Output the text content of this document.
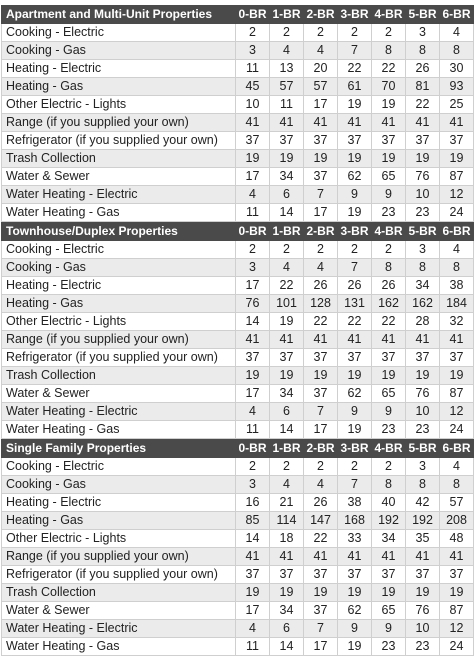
Apartment and Multi-Unit Properties	0-BR	1-BR	2-BR	3-BR	4-BR	5-BR	6-BR
Cooking - Electric	2	2	2	2	2	3	4
Cooking - Gas	3	4	4	7	8	8	8
Heating - Electric	11	13	20	22	22	26	30
Heating - Gas	45	57	57	61	70	81	93
Other Electric - Lights	10	11	17	19	19	22	25
Range (if you supplied your own)	41	41	41	41	41	41	41
Refrigerator (if you supplied your own)	37	37	37	37	37	37	37
Trash Collection	19	19	19	19	19	19	19
Water & Sewer	17	34	37	62	65	76	87
Water Heating - Electric	4	6	7	9	9	10	12
Water Heating - Gas	11	14	17	19	23	23	24
Townhouse/Duplex Properties	0-BR	1-BR	2-BR	3-BR	4-BR	5-BR	6-BR
Cooking - Electric	2	2	2	2	2	3	4
Cooking - Gas	3	4	4	7	8	8	8
Heating - Electric	17	22	26	26	26	34	38
Heating - Gas	76	101	128	131	162	162	184
Other Electric - Lights	14	19	22	22	22	28	32
Range (if you supplied your own)	41	41	41	41	41	41	41
Refrigerator (if you supplied your own)	37	37	37	37	37	37	37
Trash Collection	19	19	19	19	19	19	19
Water & Sewer	17	34	37	62	65	76	87
Water Heating - Electric	4	6	7	9	9	10	12
Water Heating - Gas	11	14	17	19	23	23	24
Single Family Properties	0-BR	1-BR	2-BR	3-BR	4-BR	5-BR	6-BR
Cooking - Electric	2	2	2	2	2	3	4
Cooking - Gas	3	4	4	7	8	8	8
Heating - Electric	16	21	26	38	40	42	57
Heating - Gas	85	114	147	168	192	192	208
Other Electric - Lights	14	18	22	33	34	35	48
Range (if you supplied your own)	41	41	41	41	41	41	41
Refrigerator (if you supplied your own)	37	37	37	37	37	37	37
Trash Collection	19	19	19	19	19	19	19
Water & Sewer	17	34	37	62	65	76	87
Water Heating - Electric	4	6	7	9	9	10	12
Water Heating - Gas	11	14	17	19	23	23	24
